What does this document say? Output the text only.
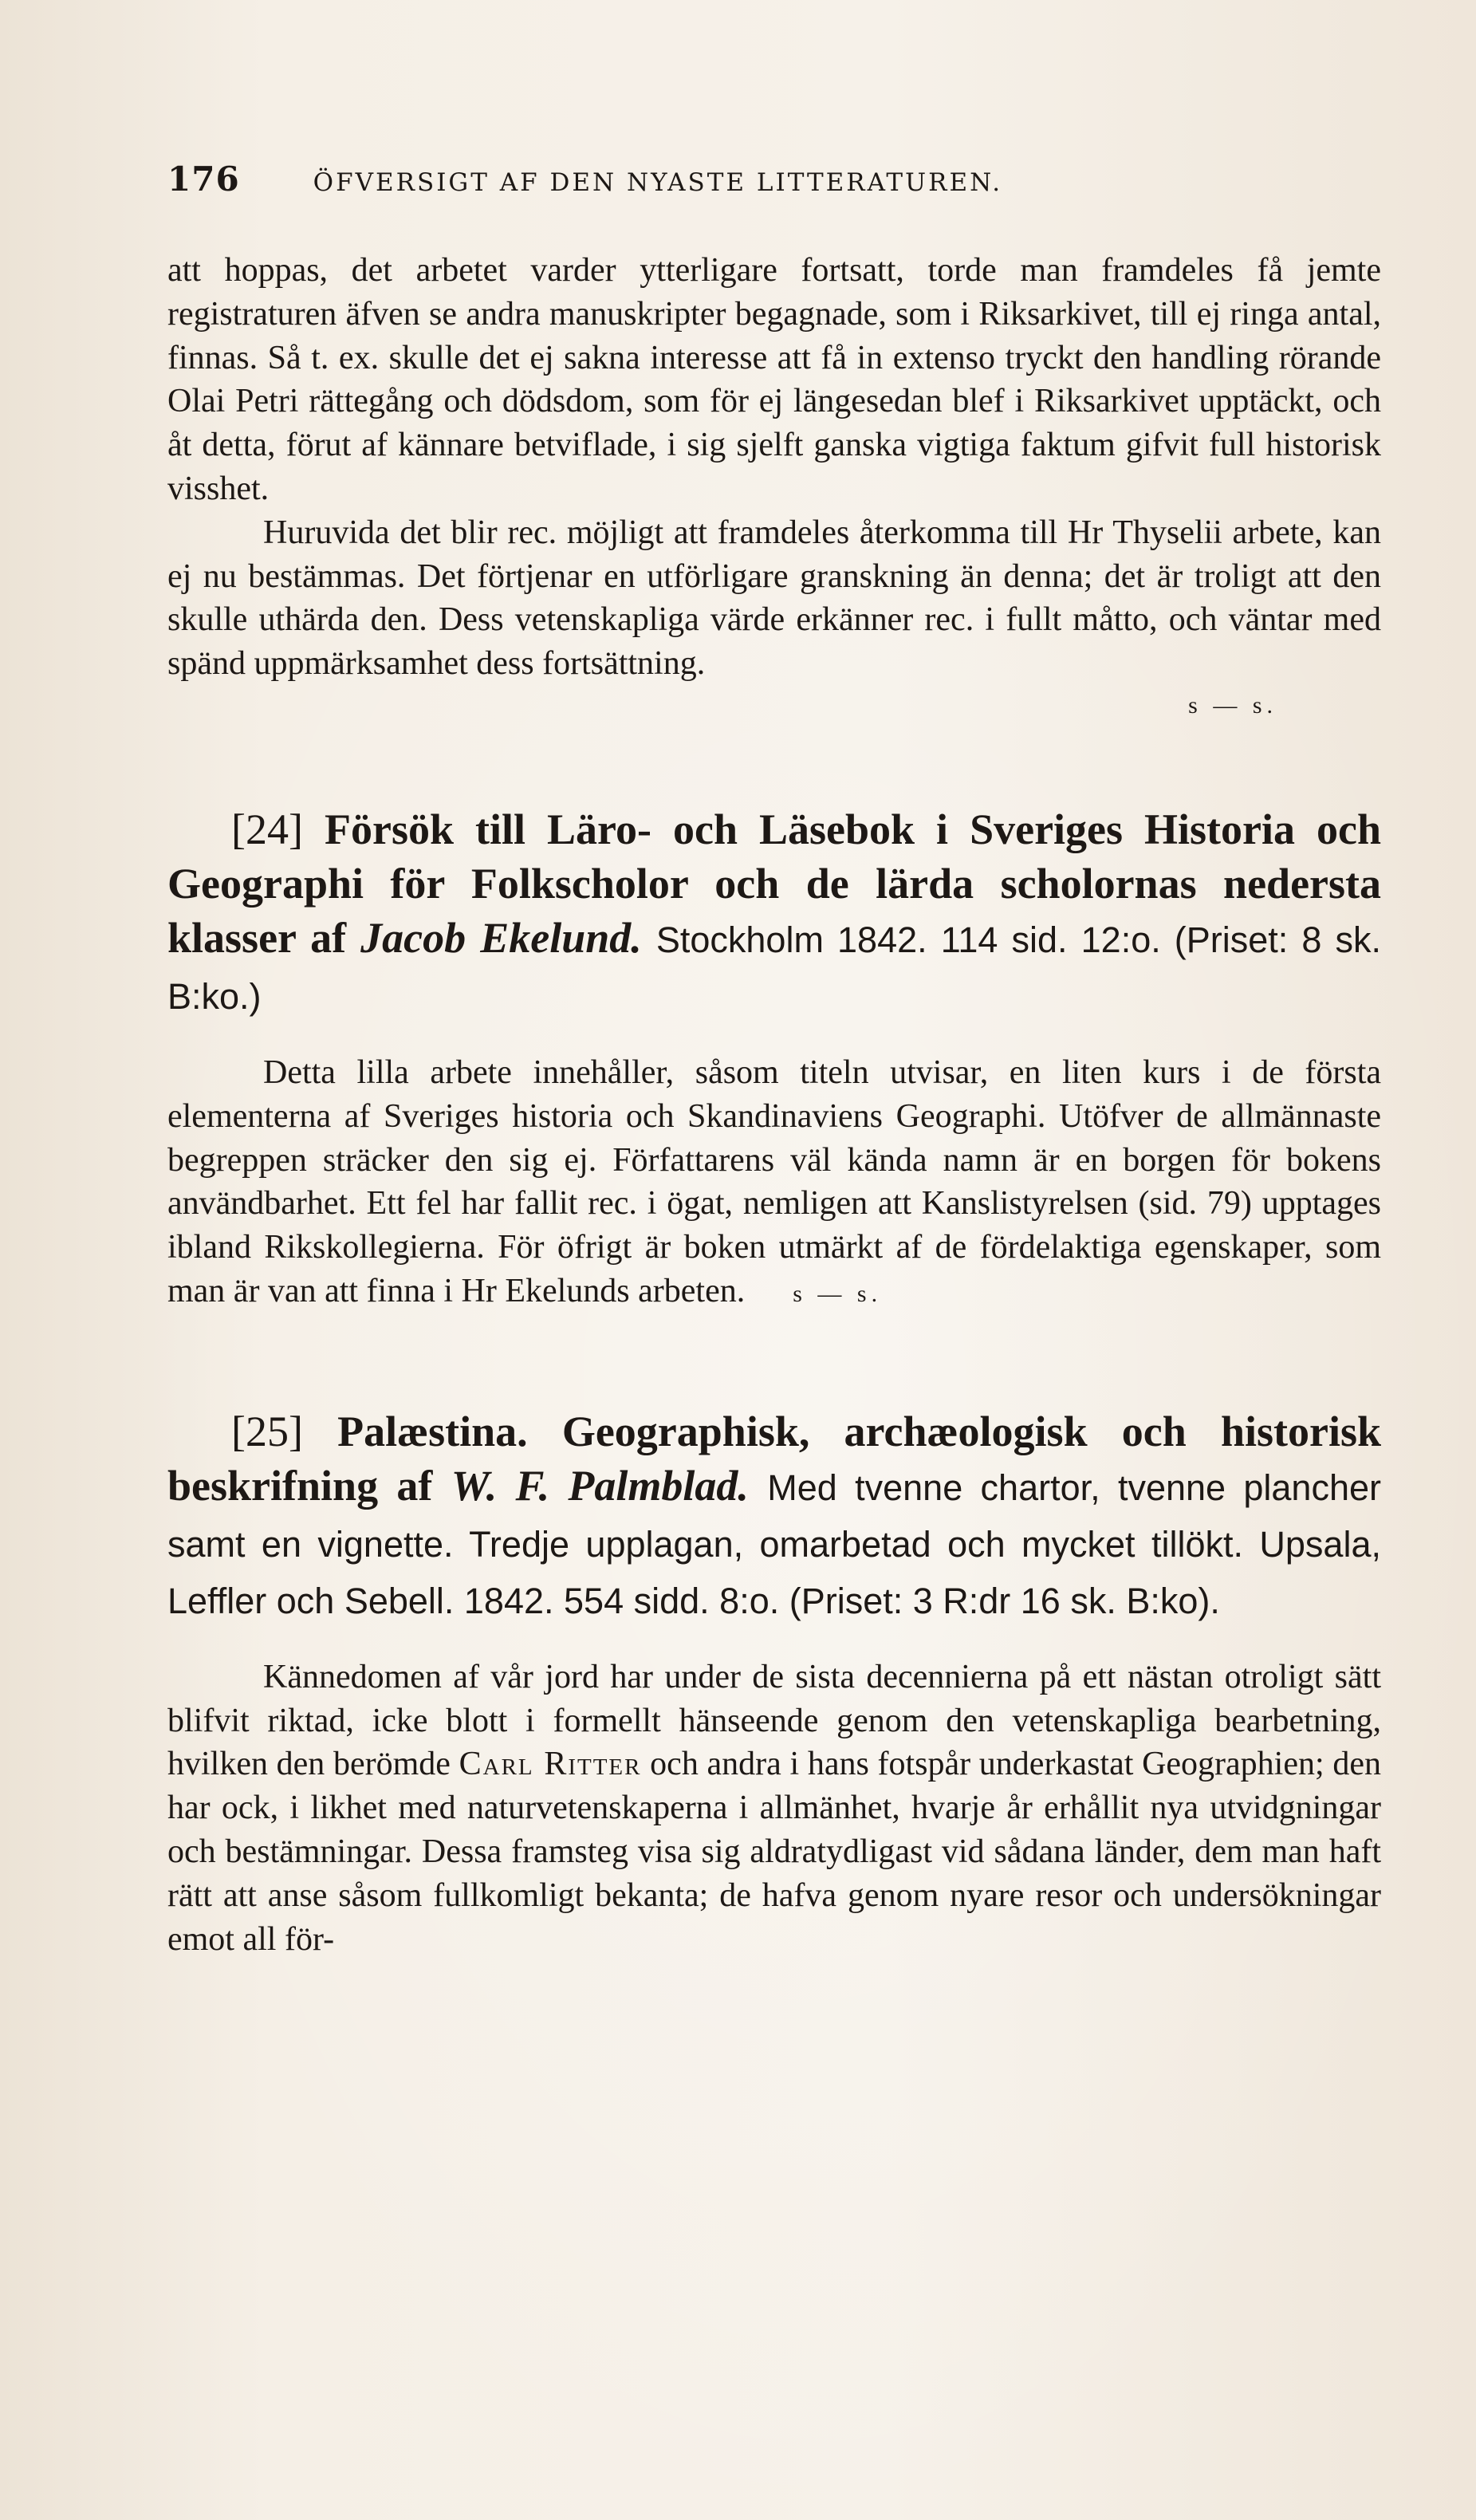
176	ÖFVERSIGT AF DEN NYASTE LITTERATUREN.

att hoppas, det arbetet varder ytterligare fortsatt, torde man framdeles få jemte registraturen äfven se andra manuskripter begagnade, som i Riksarkivet, till ej ringa antal, finnas. Så t. ex. skulle det ej sakna interesse att få in extenso tryckt den handling rörande Olai Petri rättegång och dödsdom, som för ej längesedan blef i Riksarkivet upptäckt, och åt detta, förut af kännare betviflade, i sig sjelft ganska vigtiga faktum gifvit full historisk visshet.

Huruvida det blir rec. möjligt att framdeles återkomma till Hr Thyselii arbete, kan ej nu bestämmas. Det förtjenar en utförligare granskning än denna; det är troligt att den skulle uthärda den. Dess vetenskapliga värde erkänner rec. i fullt måtto, och väntar med spänd uppmärksamhet dess fortsättning.

s — s.

[24] Försök till Läro- och Läsebok i Sveriges Historia och Geographi för Folkscholor och de lärda scholornas nedersta klasser af Jacob Ekelund. Stockholm 1842. 114 sid. 12:o. (Priset: 8 sk. B:ko.)

Detta lilla arbete innehåller, såsom titeln utvisar, en liten kurs i de första elementerna af Sveriges historia och Skandinaviens Geographi. Utöfver de allmännaste begreppen sträcker den sig ej. Författarens väl kända namn är en borgen för bokens användbarhet. Ett fel har fallit rec. i ögat, nemligen att Kanslistyrelsen (sid. 79) upptages ibland Rikskollegierna. För öfrigt är boken utmärkt af de fördelaktiga egenskaper, som man är van att finna i Hr Ekelunds arbeten. s — s.

[25] Palæstina. Geographisk, archæologisk och historisk beskrifning af W. F. Palmblad. Med tvenne chartor, tvenne plancher samt en vignette. Tredje upplagan, omarbetad och mycket tillökt. Upsala, Leffler och Sebell. 1842. 554 sidd. 8:o. (Priset: 3 R:dr 16 sk. B:ko).

Kännedomen af vår jord har under de sista decennierna på ett nästan otroligt sätt blifvit riktad, icke blott i formellt hänseende genom den vetenskapliga bearbetning, hvilken den berömde Carl Ritter och andra i hans fotspår underkastat Geographien; den har ock, i likhet med naturvetenskaperna i allmänhet, hvarje år erhållit nya utvidgningar och bestämningar. Dessa framsteg visa sig aldratydligast vid sådana länder, dem man haft rätt att anse såsom fullkomligt bekanta; de hafva genom nyare resor och undersökningar emot all för-
